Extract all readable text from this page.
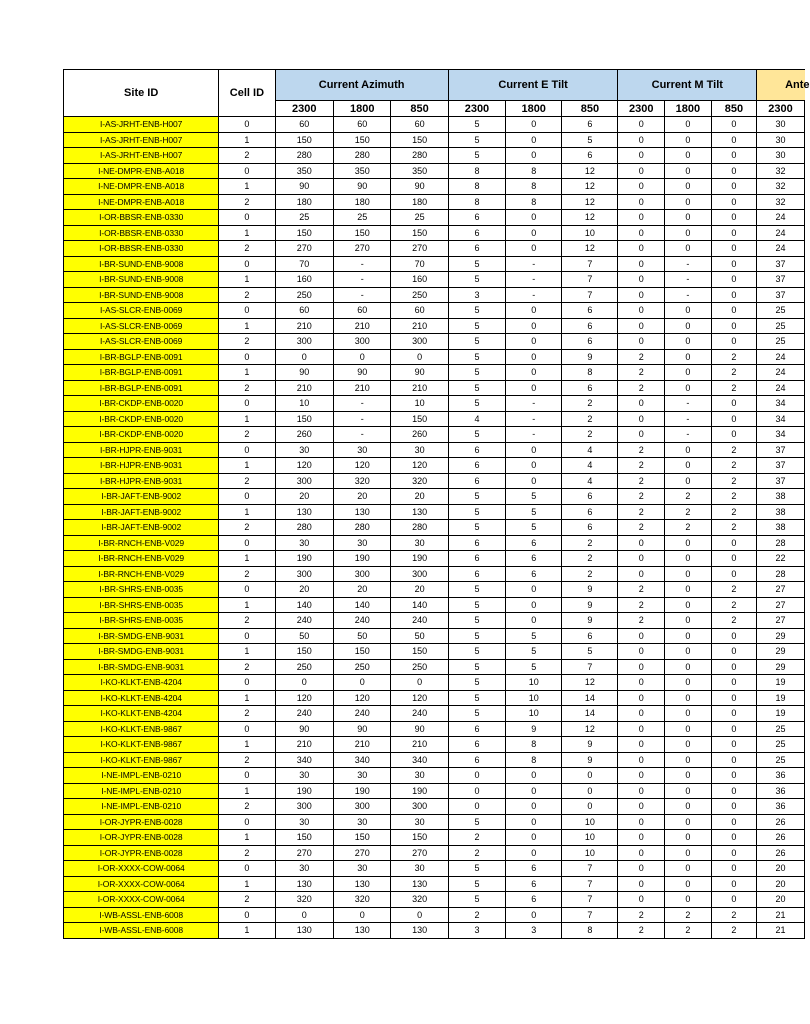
Site ID	Cell ID	Current Azimuth			Current E Tilt			Current M Tilt			Ante
		2300	1800	850	2300	1800	850	2300	1800	850	2300
I-AS-JRHT-ENB-H007	0	60	60	60	5	0	6	0	0	0	30
I-AS-JRHT-ENB-H007	1	150	150	150	5	0	5	0	0	0	30
I-AS-JRHT-ENB-H007	2	280	280	280	5	0	6	0	0	0	30
I-NE-DMPR-ENB-A018	0	350	350	350	8	8	12	0	0	0	32
I-NE-DMPR-ENB-A018	1	90	90	90	8	8	12	0	0	0	32
I-NE-DMPR-ENB-A018	2	180	180	180	8	8	12	0	0	0	32
I-OR-BBSR-ENB-0330	0	25	25	25	6	0	12	0	0	0	24
I-OR-BBSR-ENB-0330	1	150	150	150	6	0	10	0	0	0	24
I-OR-BBSR-ENB-0330	2	270	270	270	6	0	12	0	0	0	24
I-BR-SUND-ENB-9008	0	70	-	70	5	-	7	0	-	0	37
I-BR-SUND-ENB-9008	1	160	-	160	5	-	7	0	-	0	37
I-BR-SUND-ENB-9008	2	250	-	250	3	-	7	0	-	0	37
I-AS-SLCR-ENB-0069	0	60	60	60	5	0	6	0	0	0	25
I-AS-SLCR-ENB-0069	1	210	210	210	5	0	6	0	0	0	25
I-AS-SLCR-ENB-0069	2	300	300	300	5	0	6	0	0	0	25
I-BR-BGLP-ENB-0091	0	0	0	0	5	0	9	2	0	2	24
I-BR-BGLP-ENB-0091	1	90	90	90	5	0	8	2	0	2	24
I-BR-BGLP-ENB-0091	2	210	210	210	5	0	6	2	0	2	24
I-BR-CKDP-ENB-0020	0	10	-	10	5	-	2	0	-	0	34
I-BR-CKDP-ENB-0020	1	150	-	150	4	-	2	0	-	0	34
I-BR-CKDP-ENB-0020	2	260	-	260	5	-	2	0	-	0	34
I-BR-HJPR-ENB-9031	0	30	30	30	6	0	4	2	0	2	37
I-BR-HJPR-ENB-9031	1	120	120	120	6	0	4	2	0	2	37
I-BR-HJPR-ENB-9031	2	300	320	320	6	0	4	2	0	2	37
I-BR-JAFT-ENB-9002	0	20	20	20	5	5	6	2	2	2	38
I-BR-JAFT-ENB-9002	1	130	130	130	5	5	6	2	2	2	38
I-BR-JAFT-ENB-9002	2	280	280	280	5	5	6	2	2	2	38
I-BR-RNCH-ENB-V029	0	30	30	30	6	6	2	0	0	0	28
I-BR-RNCH-ENB-V029	1	190	190	190	6	6	2	0	0	0	22
I-BR-RNCH-ENB-V029	2	300	300	300	6	6	2	0	0	0	28
I-BR-SHRS-ENB-0035	0	20	20	20	5	0	9	2	0	2	27
I-BR-SHRS-ENB-0035	1	140	140	140	5	0	9	2	0	2	27
I-BR-SHRS-ENB-0035	2	240	240	240	5	0	9	2	0	2	27
I-BR-SMDG-ENB-9031	0	50	50	50	5	5	6	0	0	0	29
I-BR-SMDG-ENB-9031	1	150	150	150	5	5	5	0	0	0	29
I-BR-SMDG-ENB-9031	2	250	250	250	5	5	7	0	0	0	29
I-KO-KLKT-ENB-4204	0	0	0	0	5	10	12	0	0	0	19
I-KO-KLKT-ENB-4204	1	120	120	120	5	10	14	0	0	0	19
I-KO-KLKT-ENB-4204	2	240	240	240	5	10	14	0	0	0	19
I-KO-KLKT-ENB-9867	0	90	90	90	6	9	12	0	0	0	25
I-KO-KLKT-ENB-9867	1	210	210	210	6	8	9	0	0	0	25
I-KO-KLKT-ENB-9867	2	340	340	340	6	8	9	0	0	0	25
I-NE-IMPL-ENB-0210	0	30	30	30	0	0	0	0	0	0	36
I-NE-IMPL-ENB-0210	1	190	190	190	0	0	0	0	0	0	36
I-NE-IMPL-ENB-0210	2	300	300	300	0	0	0	0	0	0	36
I-OR-JYPR-ENB-0028	0	30	30	30	5	0	10	0	0	0	26
I-OR-JYPR-ENB-0028	1	150	150	150	2	0	10	0	0	0	26
I-OR-JYPR-ENB-0028	2	270	270	270	2	0	10	0	0	0	26
I-OR-XXXX-COW-0064	0	30	30	30	5	6	7	0	0	0	20
I-OR-XXXX-COW-0064	1	130	130	130	5	6	7	0	0	0	20
I-OR-XXXX-COW-0064	2	320	320	320	5	6	7	0	0	0	20
I-WB-ASSL-ENB-6008	0	0	0	0	2	0	7	2	2	2	21
I-WB-ASSL-ENB-6008	1	130	130	130	3	3	8	2	2	2	21
